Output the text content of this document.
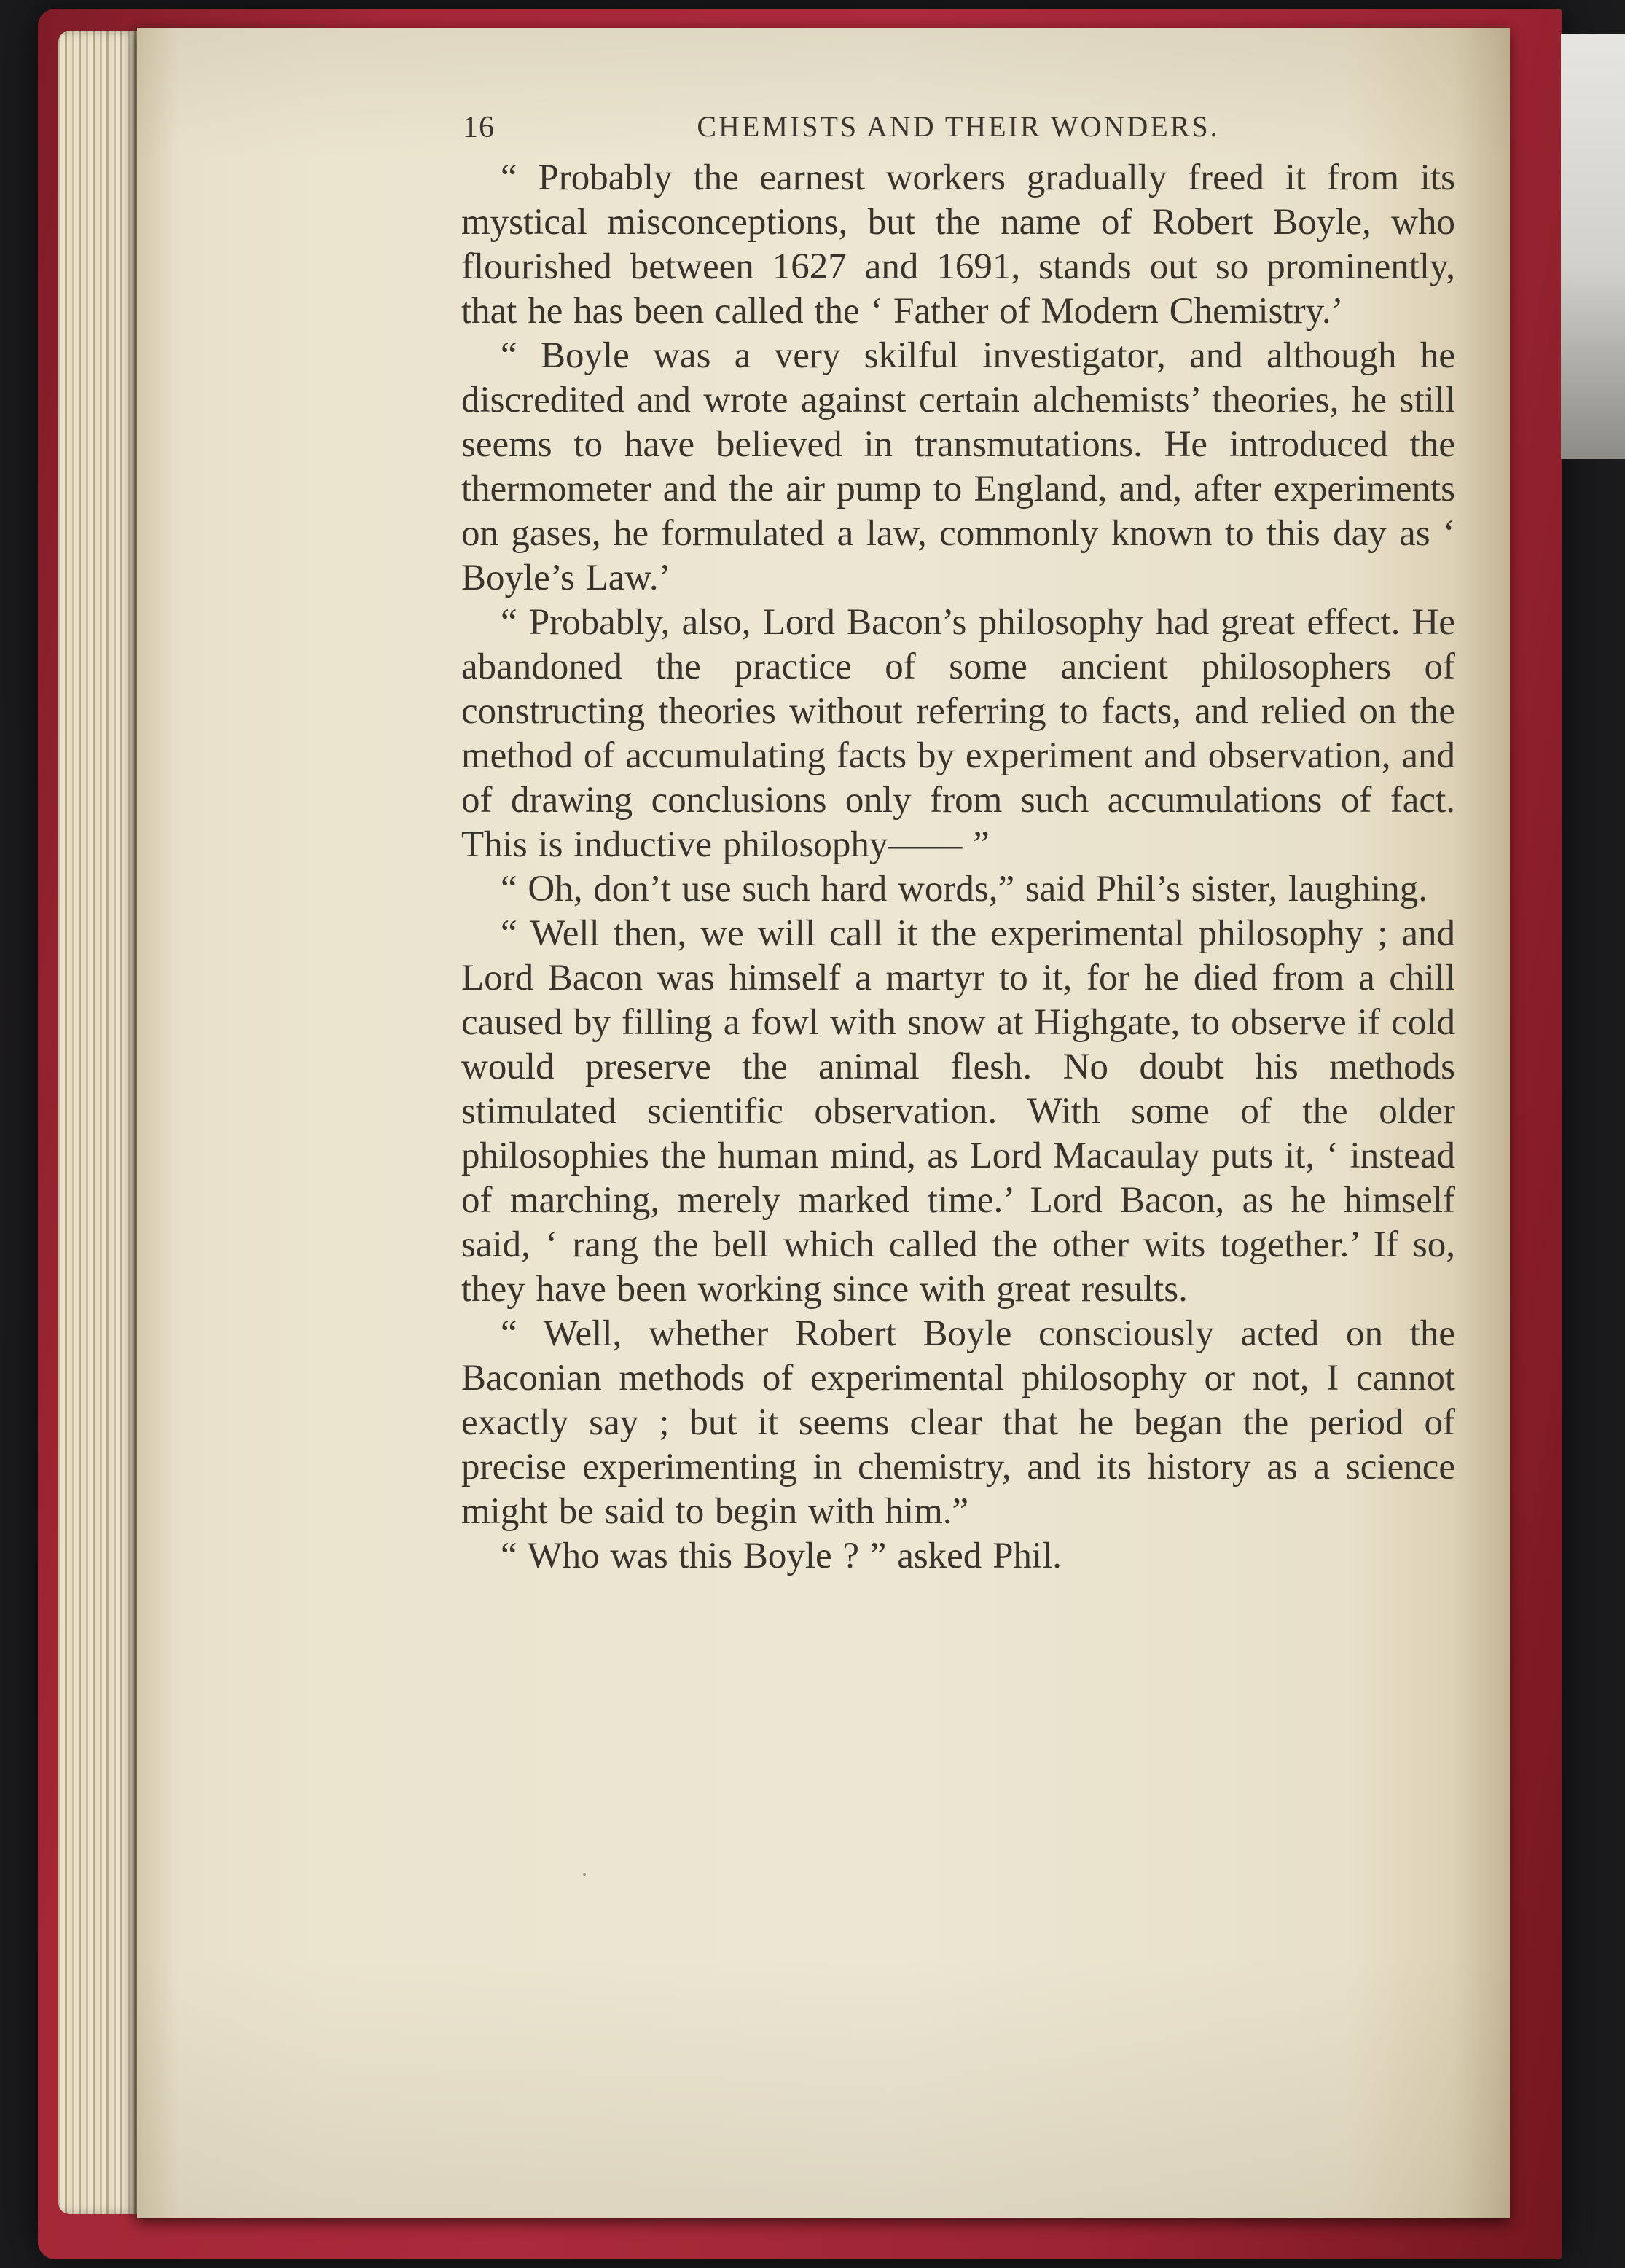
16	CHEMISTS AND THEIR WONDERS.

“ Probably the earnest workers gradually freed it from its mystical misconceptions, but the name of Robert Boyle, who flourished between 1627 and 1691, stands out so prominently, that he has been called the ‘ Father of Modern Chemistry.’

“ Boyle was a very skilful investigator, and although he discredited and wrote against certain alchemists’ theories, he still seems to have believed in transmutations. He introduced the thermometer and the air pump to England, and, after experiments on gases, he formulated a law, commonly known to this day as ‘ Boyle’s Law.’

“ Probably, also, Lord Bacon’s philosophy had great effect. He abandoned the practice of some ancient philosophers of constructing theories without referring to facts, and relied on the method of accumulating facts by experiment and observation, and of drawing conclusions only from such accumulations of fact. This is inductive philosophy—— ”

“ Oh, don’t use such hard words,” said Phil’s sister, laughing.

“ Well then, we will call it the experimental philosophy ; and Lord Bacon was himself a martyr to it, for he died from a chill caused by filling a fowl with snow at Highgate, to observe if cold would preserve the animal flesh. No doubt his methods stimulated scientific observation. With some of the older philosophies the human mind, as Lord Macaulay puts it, ‘ instead of marching, merely marked time.’ Lord Bacon, as he himself said, ‘ rang the bell which called the other wits together.’ If so, they have been working since with great results.

“ Well, whether Robert Boyle consciously acted on the Baconian methods of experimental philosophy or not, I cannot exactly say ; but it seems clear that he began the period of precise experimenting in chemistry, and its history as a science might be said to begin with him.”

“ Who was this Boyle ? ” asked Phil.
